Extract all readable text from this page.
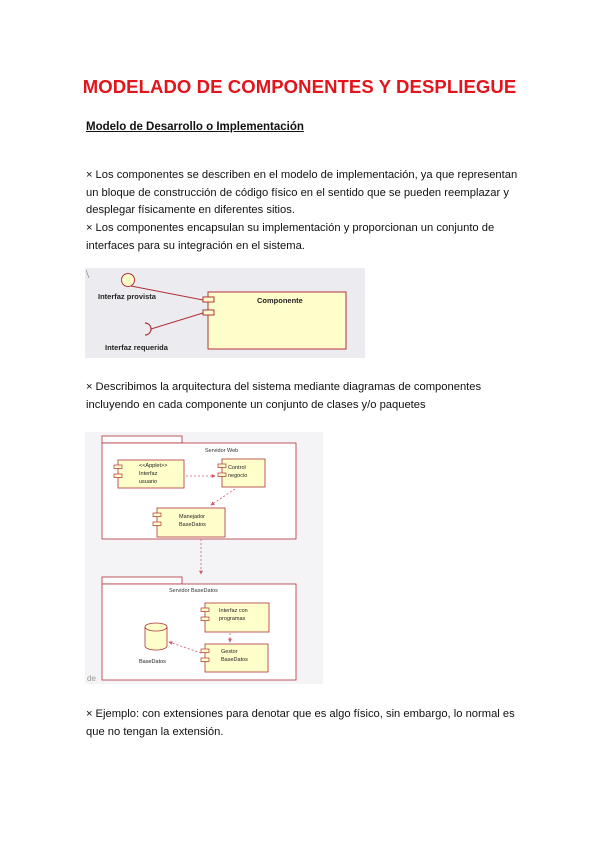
MODELADO DE COMPONENTES Y DESPLIEGUE
Modelo de Desarrollo o Implementación
× Los componentes se describen en el modelo de implementación, ya que representan un bloque de construcción de código físico en el sentido que se pueden reemplazar y desplegar físicamente en diferentes sitios.
× Los componentes encapsulan su implementación y proporcionan un conjunto de interfaces para su integración en el sistema.
Interfaz provista
Interfaz requerida
Componente
× Describimos la arquitectura del sistema mediante diagramas de componentes incluyendo en cada componente un conjunto de clases y/o paquetes
Servidor Web
<<Applet>>
Interfaz
usuario
Control
negocio
Manejador
BaseDatos
Servidor BaseDatos
Interfaz con
programas
Gestor
BaseDatos
BaseDatos
de
× Ejemplo: con extensiones para denotar que es algo físico, sin embargo, lo normal es que no tengan la extensión.
